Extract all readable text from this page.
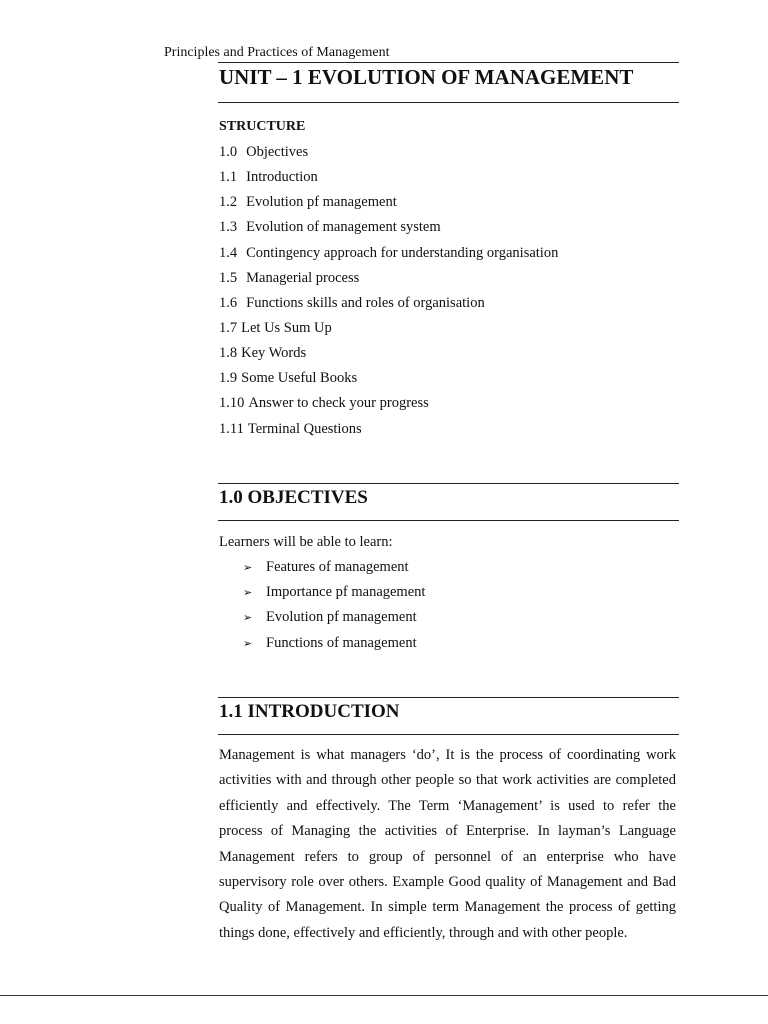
Principles and Practices of Management
UNIT – 1 EVOLUTION OF MANAGEMENT
STRUCTURE
1.0 Objectives
1.1 Introduction
1.2 Evolution pf management
1.3 Evolution of management system
1.4 Contingency approach for understanding organisation
1.5 Managerial process
1.6 Functions skills and roles of organisation
1.7 Let Us Sum Up
1.8 Key Words
1.9 Some Useful Books
1.10 Answer to check your progress
1.11 Terminal Questions
1.0 OBJECTIVES
Learners will be able to learn:
➢ Features of management
➢ Importance pf management
➢ Evolution pf management
➢ Functions of management
1.1 INTRODUCTION

Management is what managers ‘do’, It is the process of coordinating work activities with and through other people so that work activities are completed efficiently and effectively. The Term ‘Management’ is used to refer the process of Managing the activities of Enterprise. In layman’s Language Management refers to group of personnel of an enterprise who have supervisory role over others. Example Good quality of Management and Bad Quality of Management. In simple term Management the process of getting things done, effectively and efficiently, through and with other people.
